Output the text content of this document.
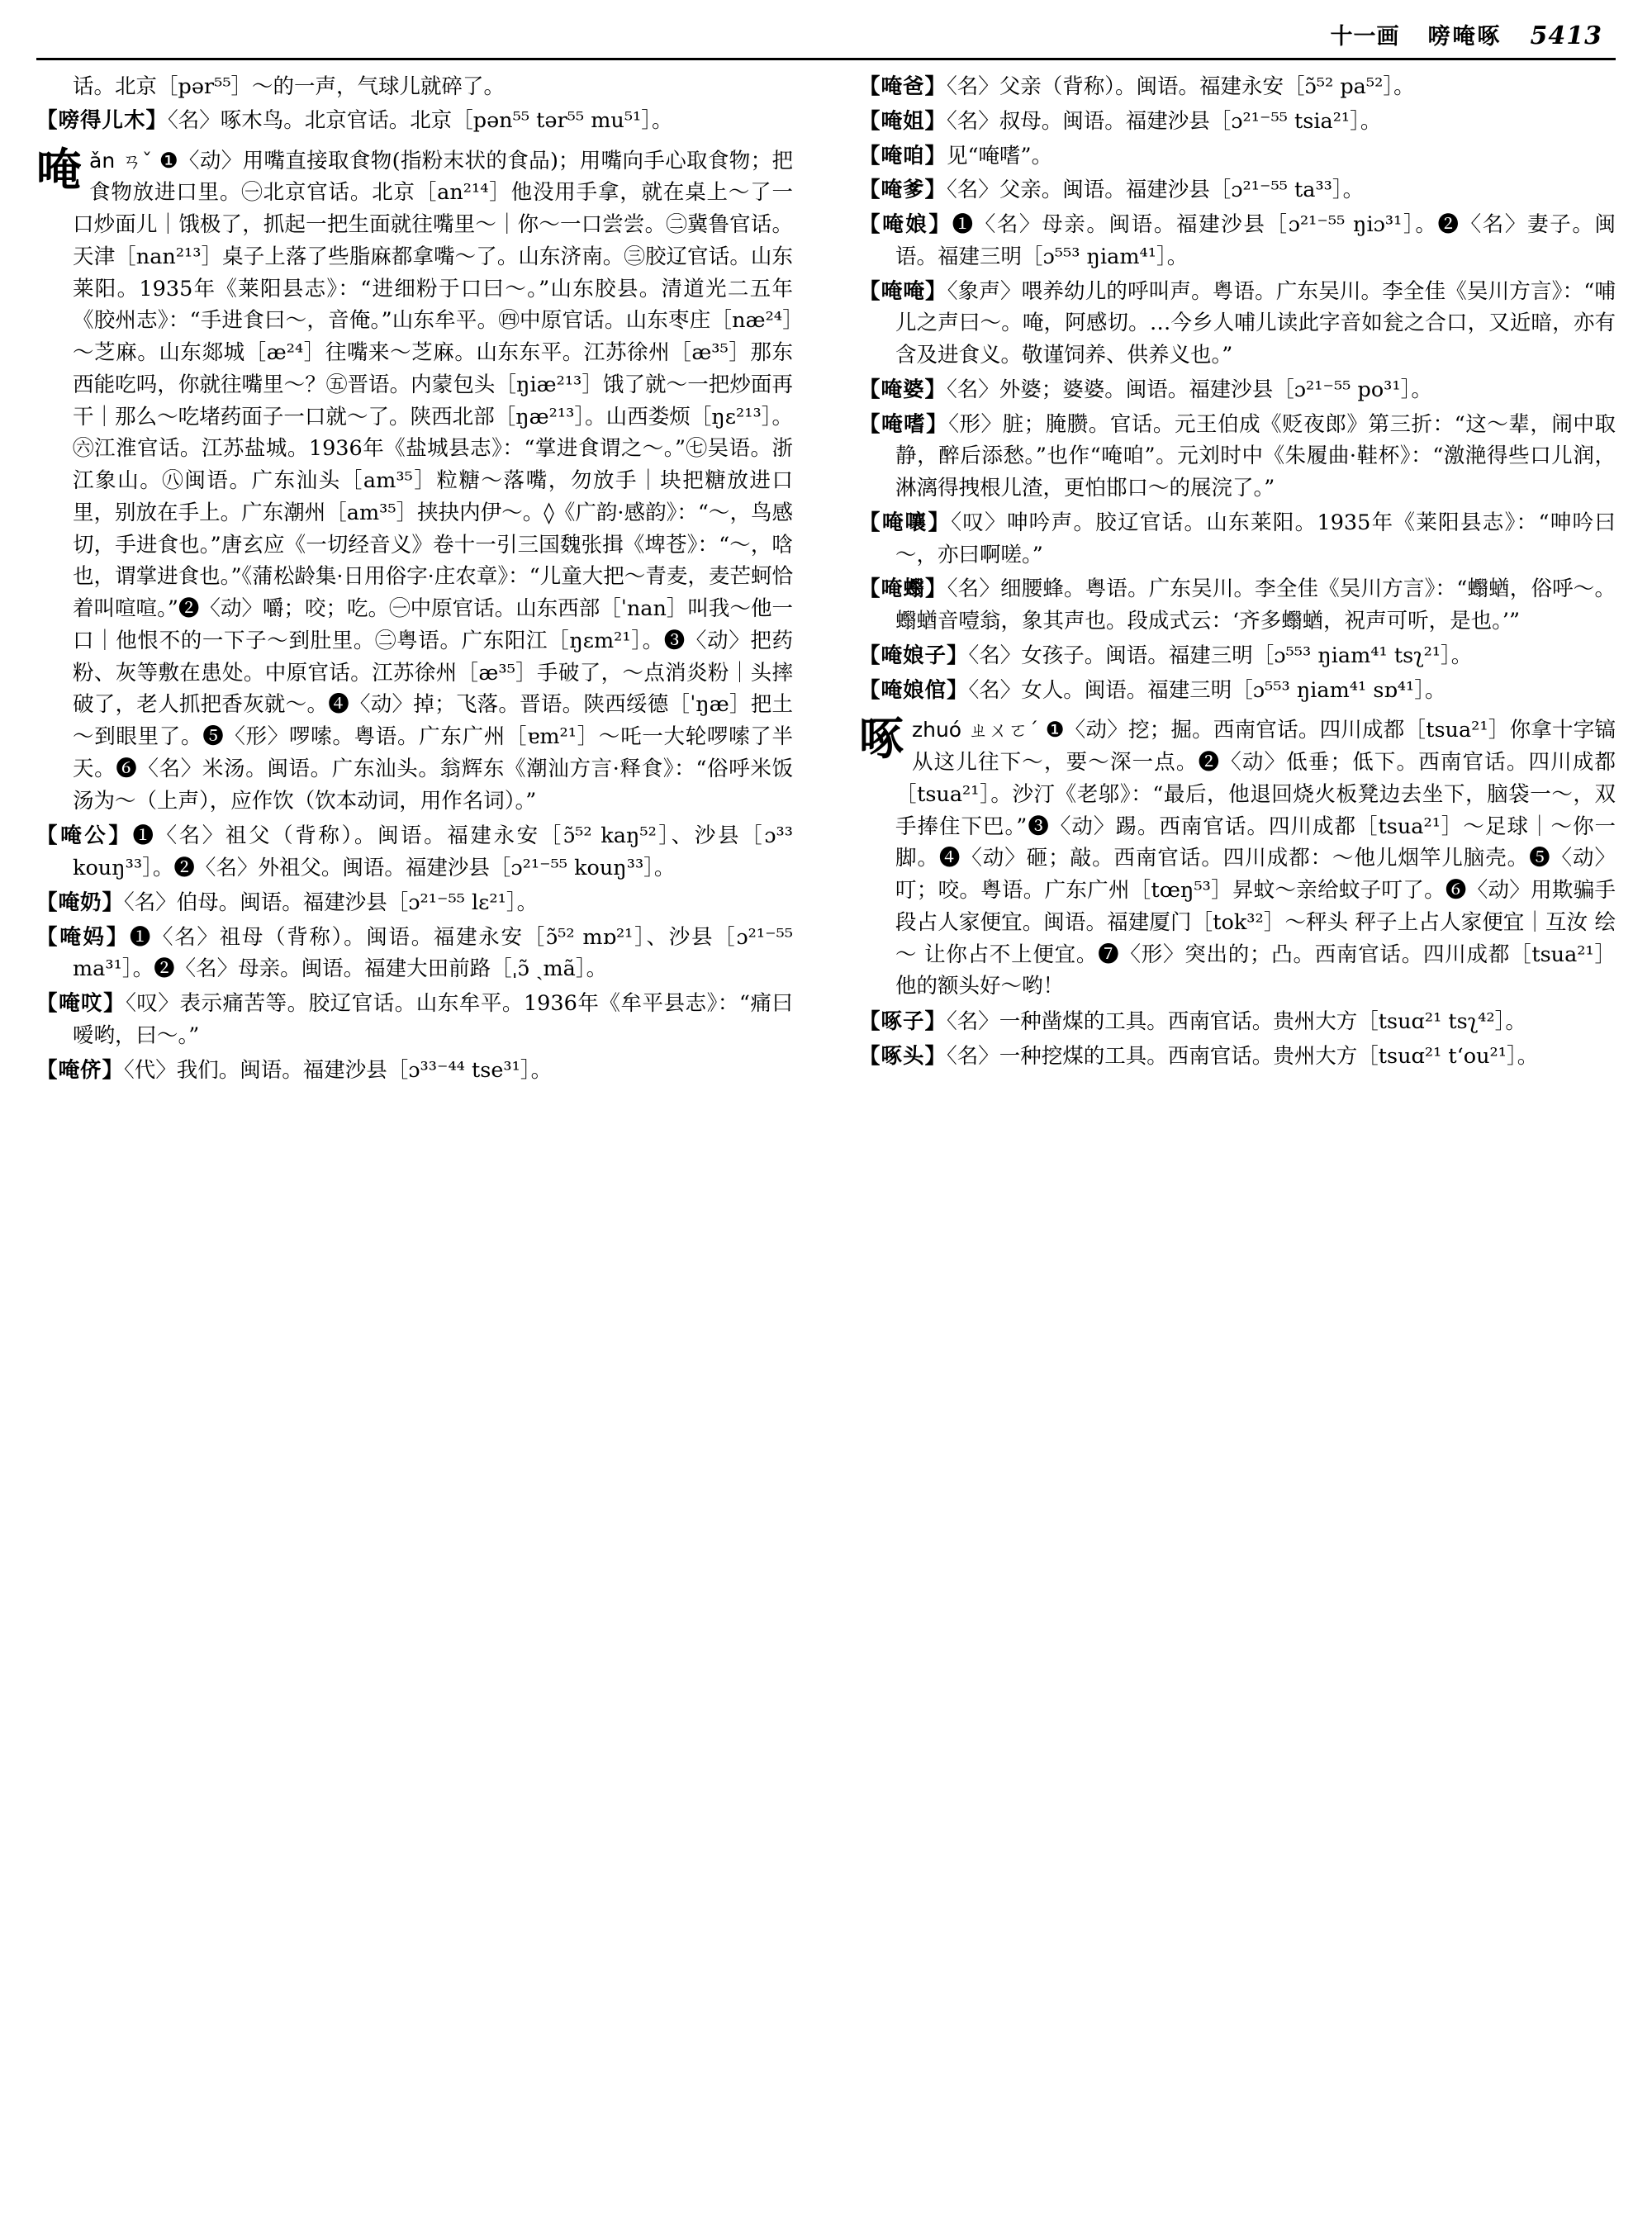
十一画 嗙唵啄 5413
话。北京［pər⁵⁵］～的一声，气球儿就碎了。
【嗙得儿木】〈名〉啄木鸟。北京官话。北京［pən⁵⁵ tər⁵⁵ mu⁵¹］。
唵 ǎn ㄢˇ ❶〈动〉用嘴直接取食物(指粉末状的食品)；用嘴向手心取食物；把食物放进口里。㊀北京官话。北京［an²¹⁴］他没用手拿，就在桌上～了一口炒面儿｜饿极了，抓起一把生面就往嘴里～｜你～一口尝尝。㊁冀鲁官话。天津［nan²¹³］桌子上落了些脂麻都拿嘴～了。山东济南。㊂胶辽官话。山东莱阳。1935年《莱阳县志》：“进细粉于口曰～。”山东胶县。清道光二五年《胶州志》：“手进食曰～，音俺。”山东牟平。㊃中原官话。山东枣庄［næ²⁴］～芝麻。山东郯城［æ²⁴］往嘴来～芝麻。山东东平。江苏徐州［æ³⁵］那东西能吃吗，你就往嘴里～？㊄晋语。内蒙包头［ŋiæ²¹³］饿了就～一把炒面再干｜那么～吃堵药面子一口就～了。陕西北部［ŋæ²¹³］。山西娄烦［ŋɛ²¹³］。㊅江淮官话。江苏盐城。1936年《盐城县志》：“掌进食谓之～。”㊆吴语。浙江象山。㊇闽语。广东汕头［am³⁵］粒糖～落嘴，勿放手｜块把糖放进口里，别放在手上。广东潮州［am³⁵］挟抉内伊～。◊《广韵·感韵》：“～，鸟感切，手进食也。”唐玄应《一切经音义》卷十一引三国魏张揖《埤苍》：“～，唅也，谓掌进食也。”《蒲松龄集·日用俗字·庄农章》：“儿童大把～青麦，麦芒蚵恰着叫喧喧。”❷〈动〉嚼；咬；吃。㊀中原官话。山东西部［ˈnan］叫我～他一口｜他恨不的一下子～到肚里。㊁粤语。广东阳江［ŋɛm²¹］。❸〈动〉把药粉、灰等敷在患处。中原官话。江苏徐州［æ³⁵］手破了，～点消炎粉｜头摔破了，老人抓把香灰就～。❹〈动〉掉；飞落。晋语。陕西绥德［ˈŋæ］把土～到眼里了。❺〈形〉啰嗦。粤语。广东广州［ɐm²¹］～吒一大轮啰嗦了半天。❻〈名〉米汤。闽语。广东汕头。翁辉东《潮汕方言·释食》：“俗呼米饭汤为～（上声），应作饮（饮本动词，用作名词）。”
【唵公】❶〈名〉祖父（背称）。闽语。福建永安［ɔ̃⁵² kaŋ⁵²］、沙县［ɔ³³ kouŋ³³］。❷〈名〉外祖父。闽语。福建沙县［ɔ²¹⁻⁵⁵ kouŋ³³］。
【唵奶】〈名〉伯母。闽语。福建沙县［ɔ²¹⁻⁵⁵ lɛ²¹］。
【唵妈】❶〈名〉祖母（背称）。闽语。福建永安［ɔ̃⁵² mɒ²¹］、沙县［ɔ²¹⁻⁵⁵ ma³¹］。❷〈名〉母亲。闽语。福建大田前路［ˌɔ̃ ˏmã］。
【唵呅】〈叹〉表示痛苦等。胶辽官话。山东牟平。1936年《牟平县志》：“痛曰嗳哟，曰～。”
【唵侪】〈代〉我们。闽语。福建沙县［ɔ³³⁻⁴⁴ tse³¹］。
【唵爸】〈名〉父亲（背称）。闽语。福建永安［ɔ̃⁵² pa⁵²］。
【唵姐】〈名〉叔母。闽语。福建沙县［ɔ²¹⁻⁵⁵ tsia²¹］。
【唵咱】见“唵嗜”。
【唵爹】〈名〉父亲。闽语。福建沙县［ɔ²¹⁻⁵⁵ ta³³］。
【唵娘】❶〈名〉母亲。闽语。福建沙县［ɔ²¹⁻⁵⁵ ŋiɔ³¹］。❷〈名〉妻子。闽语。福建三明［ɔ⁵⁵³ ŋiam⁴¹］。
【唵唵】〈象声〉喂养幼儿的呼叫声。粤语。广东吴川。李全佳《吴川方言》：“哺儿之声曰～。唵，阿感切。…今乡人哺儿读此字音如瓮之合口，又近暗，亦有含及进食义。敬谨饲养、供养义也。”
【唵婆】〈名〉外婆；婆婆。闽语。福建沙县［ɔ²¹⁻⁵⁵ po³¹］。
【唵嗜】〈形〉脏；腌臜。官话。元王伯成《贬夜郎》第三折：“这～辈，闹中取静，醉后添愁。”也作“唵咱”。元刘时中《朱履曲·鞋杯》：“激滟得些口儿润，淋漓得拽根儿渣，更怕邯口～的展浣了。”
【唵嚷】〈叹〉呻吟声。胶辽官话。山东莱阳。1935年《莱阳县志》：“呻吟曰～，亦曰啊嗟。”
【唵蠮】〈名〉细腰蜂。粤语。广东吴川。李全佳《吴川方言》：“蠮蝤，俗呼～。蠮蝤音噎翁，象其声也。段成式云：‘齐多蠮蝤，祝声可听，是也。’”
【唵娘子】〈名〉女孩子。闽语。福建三明［ɔ⁵⁵³ ŋiam⁴¹ tsʅ²¹］。
【唵娘倌】〈名〉女人。闽语。福建三明［ɔ⁵⁵³ ŋiam⁴¹ sɒ⁴¹］。
啄 zhuó ㄓㄨㄛˊ ❶〈动〉挖；掘。西南官话。四川成都［tsua²¹］你拿十字镐从这儿往下～，要～深一点。❷〈动〉低垂；低下。西南官话。四川成都［tsua²¹］。沙汀《老邬》：“最后，他退回烧火板凳边去坐下，脑袋一～，双手捧住下巴。”❸〈动〉踢。西南官话。四川成都［tsua²¹］～足球｜～你一脚。❹〈动〉砸；敲。西南官话。四川成都：～他儿烟竿儿脑壳。❺〈动〉叮；咬。粤语。广东广州［tœŋ⁵³］昇蚊～亲给蚊子叮了。❻〈动〉用欺骗手段占人家便宜。闽语。福建厦门［tok³²］～秤头 秤子上占人家便宜｜互汝 绘～ 让你占不上便宜。❼〈形〉突出的；凸。西南官话。四川成都［tsua²¹］他的额头好～哟！
【啄子】〈名〉一种凿煤的工具。西南官话。贵州大方［tsuɑ²¹ tsʅ⁴²］。
【啄头】〈名〉一种挖煤的工具。西南官话。贵州大方［tsuɑ²¹ tʻou²¹］。
